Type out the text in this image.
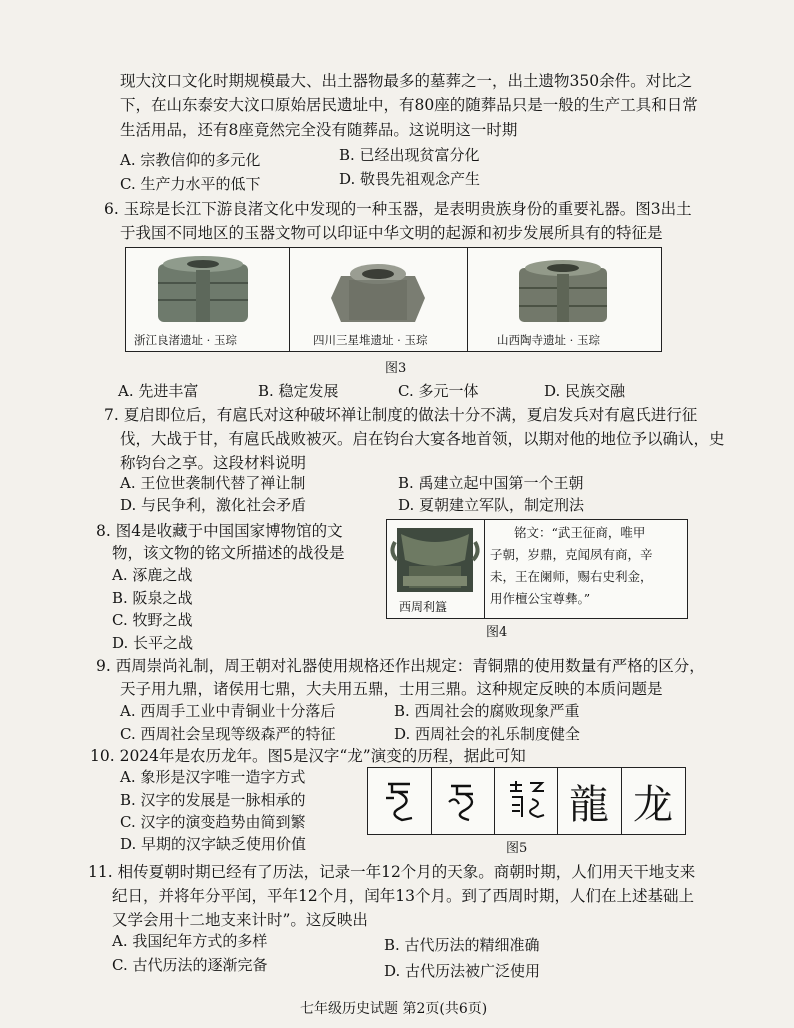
现大汶口文化时期规模最大、出土器物最多的墓葬之一，出土遗物350余件。对比之
下，在山东泰安大汶口原始居民遗址中，有80座的随葬品只是一般的生产工具和日常
生活用品，还有8座竟然完全没有随葬品。这说明这一时期
A. 宗教信仰的多元化	B. 已经出现贫富分化
C. 生产力水平的低下	D. 敬畏先祖观念产生
6. 玉琮是长江下游良渚文化中发现的一种玉器，是表明贵族身份的重要礼器。图3出土
于我国不同地区的玉器文物可以印证中华文明的起源和初步发展所具有的特征是
浙江良渚遗址 · 玉琮	四川三星堆遗址 · 玉琮	山西陶寺遗址 · 玉琮
图3
A. 先进丰富	B. 稳定发展	C. 多元一体	D. 民族交融
7. 夏启即位后，有扈氏对这种破坏禅让制度的做法十分不满，夏启发兵对有扈氏进行征
伐，大战于甘，有扈氏战败被灭。启在钧台大宴各地首领，以期对他的地位予以确认，史
称钧台之享。这段材料说明
A. 王位世袭制代替了禅让制	B. 禹建立起中国第一个王朝
D. 与民争利，激化社会矛盾	D. 夏朝建立军队，制定刑法
8. 图4是收藏于中国国家博物馆的文
物，该文物的铭文所描述的战役是
A. 涿鹿之战
B. 阪泉之战
C. 牧野之战
D. 长平之战
西周利簋
铭文：“武王征商，唯甲
子朝，岁鼎，克闻夙有商，辛
未，王在阑师，赐右史利金，
用作檀公宝尊彝。”
图4
9. 西周崇尚礼制，周王朝对礼器使用规格还作出规定：青铜鼎的使用数量有严格的区分，
天子用九鼎，诸侯用七鼎，大夫用五鼎，士用三鼎。这种规定反映的本质问题是
A. 西周手工业中青铜业十分落后	B. 西周社会的腐败现象严重
C. 西周社会呈现等级森严的特征	D. 西周社会的礼乐制度健全
10. 2024年是农历龙年。图5是汉字“龙”演变的历程，据此可知
A. 象形是汉字唯一造字方式
B. 汉字的发展是一脉相承的
C. 汉字的演变趋势由简到繁
D. 早期的汉字缺乏使用价值
龍 龙
图5
11. 相传夏朝时期已经有了历法，记录一年12个月的天象。商朝时期，人们用天干地支来
纪日，并将年分平闰，平年12个月，闰年13个月。到了西周时期，人们在上述基础上
又学会用十二地支来计时”。这反映出
A. 我国纪年方式的多样	B. 古代历法的精细准确
C. 古代历法的逐渐完备	D. 古代历法被广泛使用
七年级历史试题 第2页(共6页)
